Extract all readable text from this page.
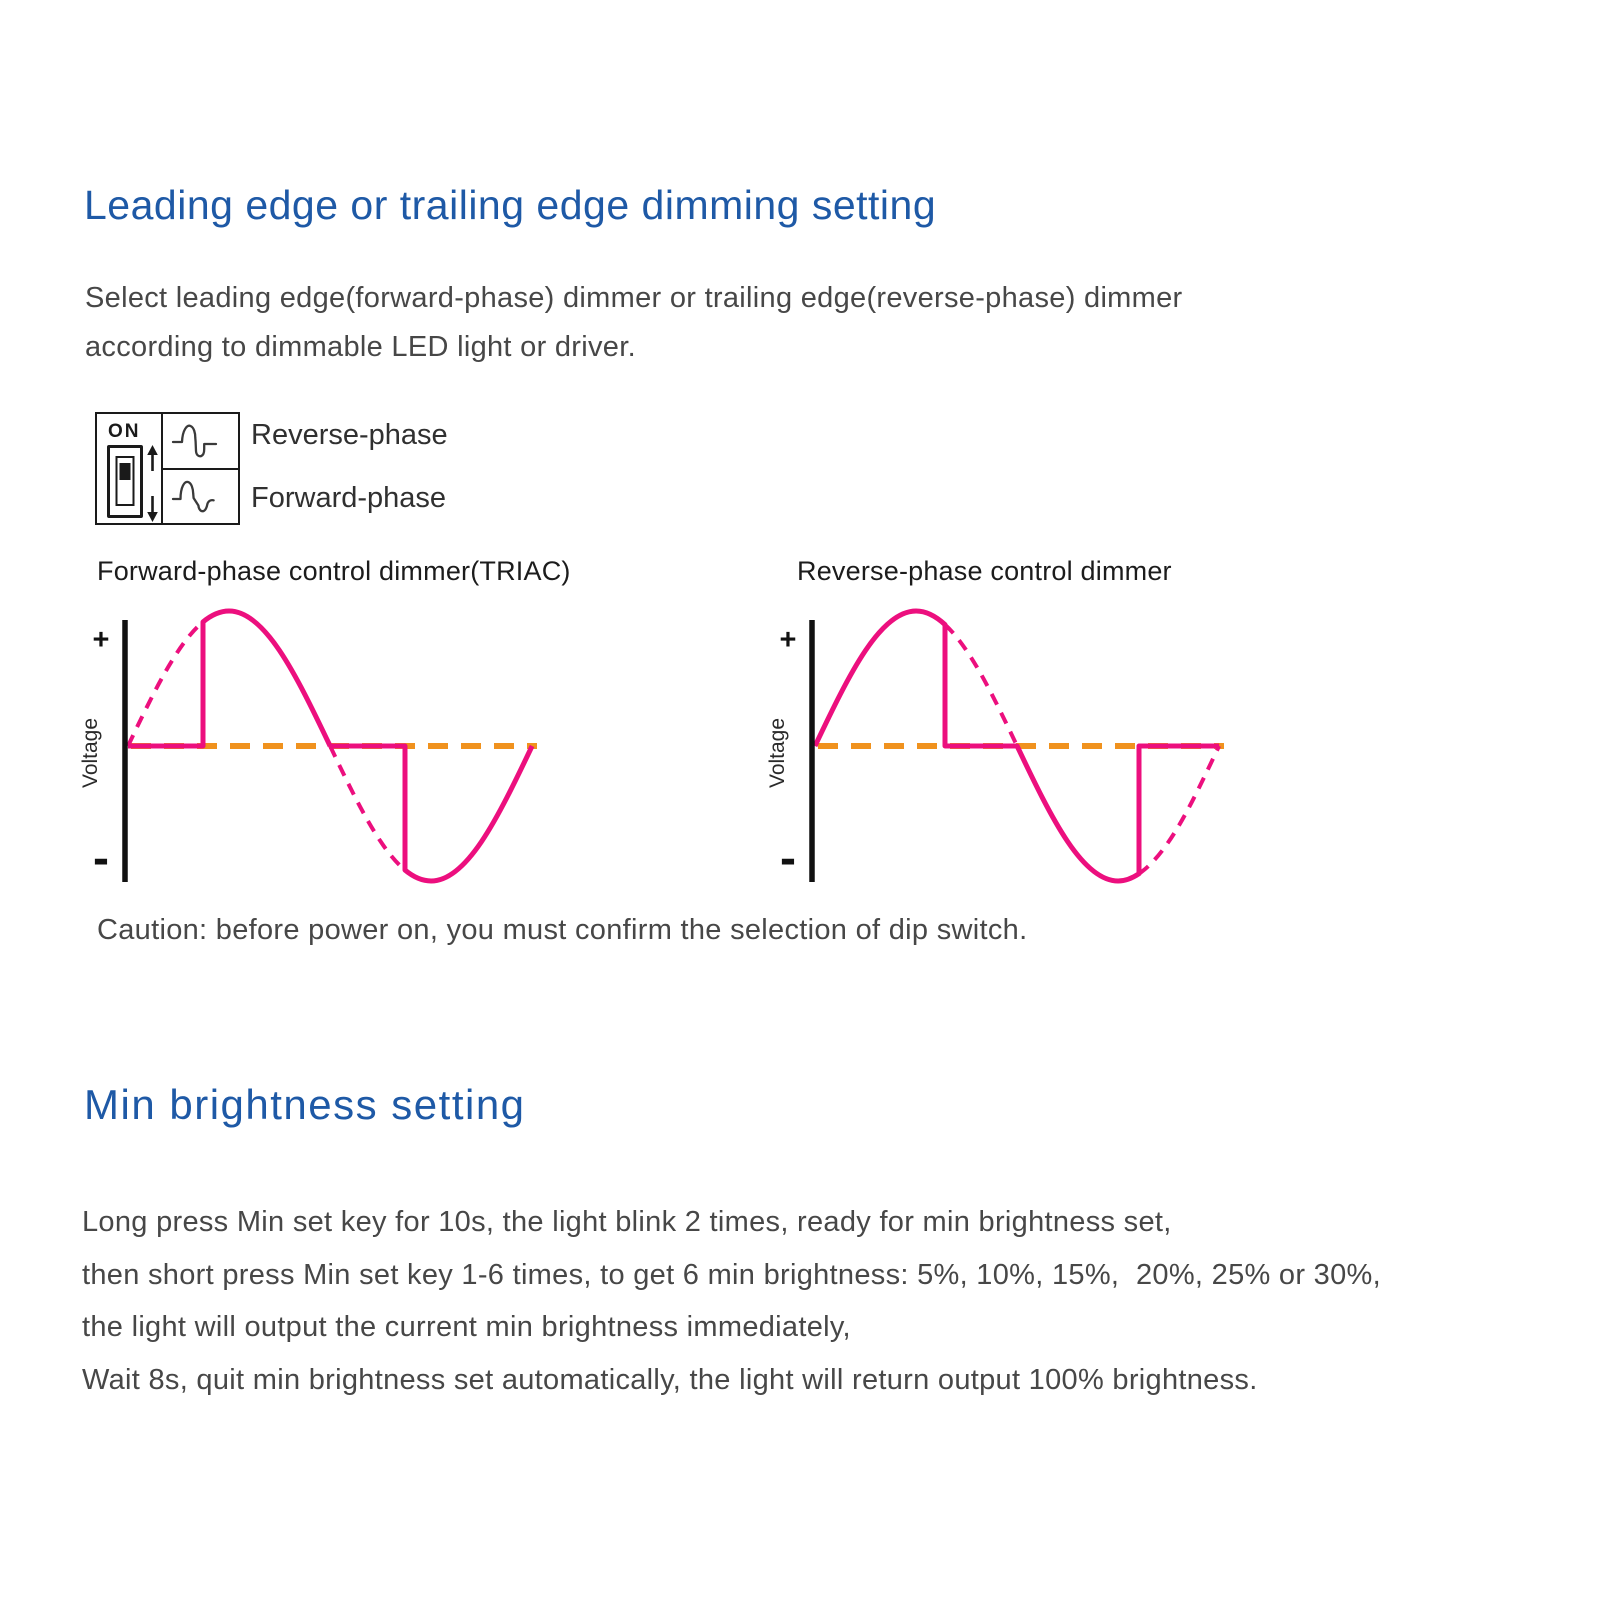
Leading edge or trailing edge dimming setting
Select leading edge(forward-phase) dimmer or trailing edge(reverse-phase) dimmer
according to dimmable LED light or driver.
ON	Reverse-phase
Forward-phase
Forward-phase control dimmer(TRIAC)	Reverse-phase control dimmer
+
Voltage
-
+
Voltage
-
Caution: before power on, you must confirm the selection of dip switch.
Min brightness setting
Long press Min set key for 10s, the light blink 2 times, ready for min brightness set,
then short press Min set key 1-6 times, to get 6 min brightness: 5%, 10%, 15%,  20%, 25% or 30%,
the light will output the current min brightness immediately,
Wait 8s, quit min brightness set automatically, the light will return output 100% brightness.
